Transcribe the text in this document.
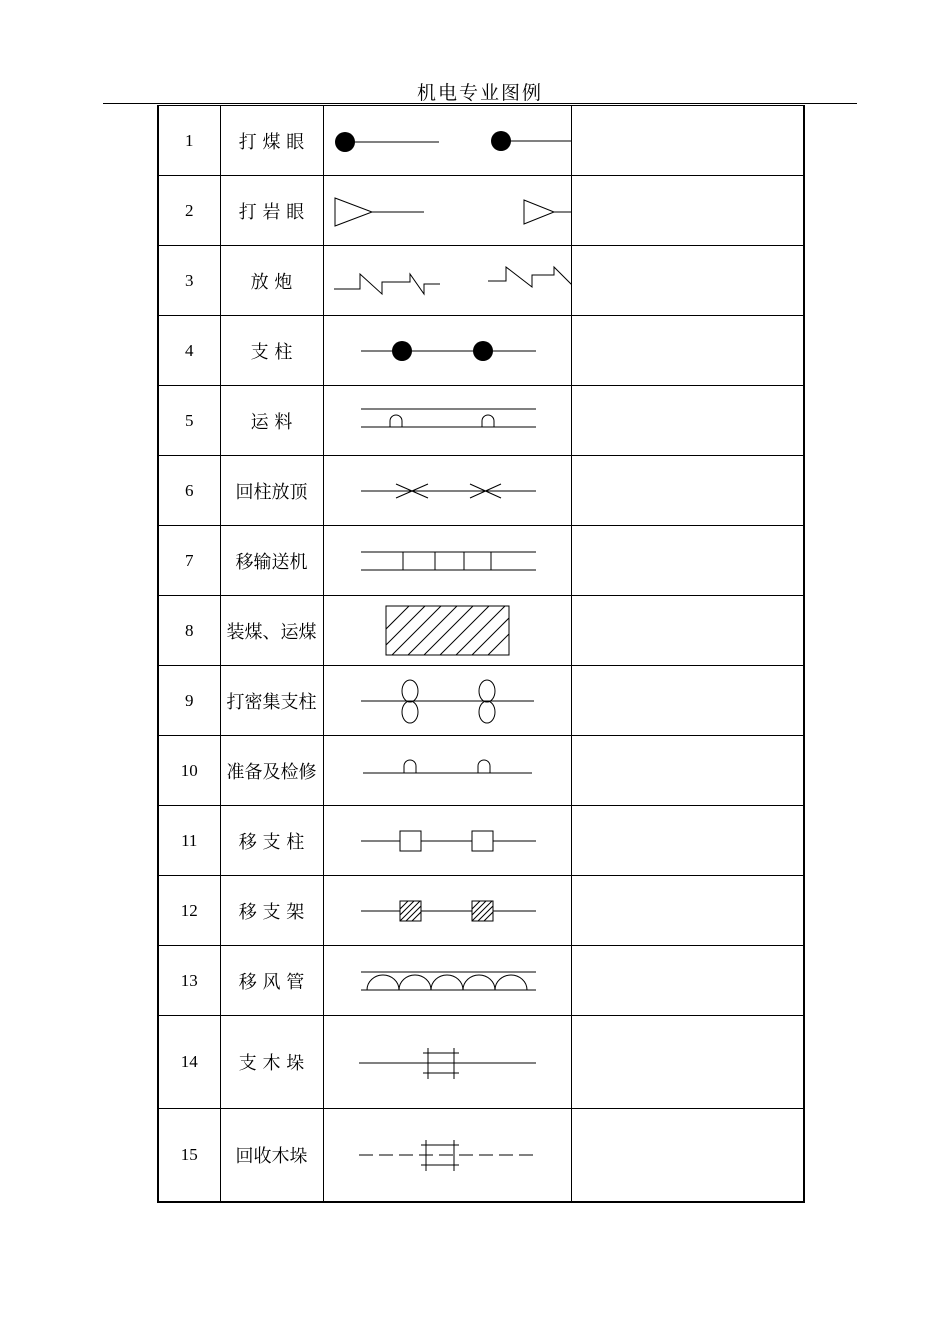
机电专业图例
1	打 煤 眼	

2	打 岩 眼	

3	放 炮	

4	支 柱	

5	运 料	

6	回柱放顶	

7	移输送机	

8	装煤、运煤	

9	打密集支柱	

10	准备及检修	

11	移 支 柱	

12	移 支 架	

13	移 风 管	

14	支 木 垛	

15	回收木垛	
